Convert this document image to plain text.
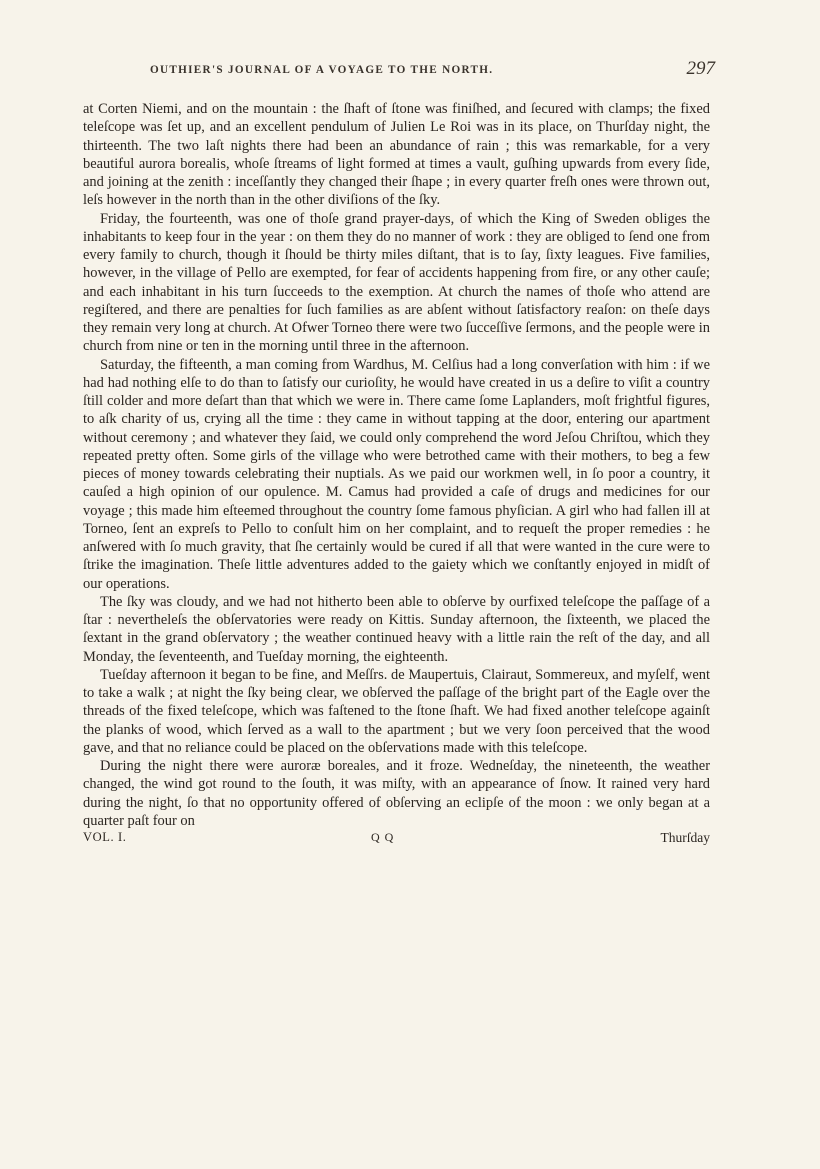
OUTHIER'S JOURNAL OF A VOYAGE TO THE NORTH.	297

at Corten Niemi, and on the mountain : the ſhaft of ſtone was finiſhed, and ſecured with clamps; the fixed teleſcope was ſet up, and an excellent pendulum of Julien Le Roi was in its place, on Thurſday night, the thirteenth. The two laſt nights there had been an abundance of rain ; this was remarkable, for a very beautiful aurora borealis, whoſe ſtreams of light formed at times a vault, guſhing upwards from every ſide, and joining at the zenith : inceſſantly they changed their ſhape ; in every quarter freſh ones were thrown out, leſs however in the north than in the other diviſions of the ſky.

Friday, the fourteenth, was one of thoſe grand prayer-days, of which the King of Sweden obliges the inhabitants to keep four in the year : on them they do no manner of work : they are obliged to ſend one from every family to church, though it ſhould be thirty miles diſtant, that is to ſay, ſixty leagues. Five families, however, in the village of Pello are exempted, for fear of accidents happening from fire, or any other cauſe; and each inhabitant in his turn ſucceeds to the exemption. At church the names of thoſe who attend are regiſtered, and there are penalties for ſuch families as are abſent without ſatisfactory reaſon: on theſe days they remain very long at church. At Ofwer Torneo there were two ſucceſſive ſermons, and the people were in church from nine or ten in the morning until three in the afternoon.

Saturday, the fifteenth, a man coming from Wardhus, M. Celſius had a long converſation with him : if we had had nothing elſe to do than to ſatisfy our curioſity, he would have created in us a deſire to viſit a country ſtill colder and more deſart than that which we were in. There came ſome Laplanders, moſt frightful figures, to aſk charity of us, crying all the time : they came in without tapping at the door, entering our apartment without ceremony ; and whatever they ſaid, we could only comprehend the word Jeſou Chriſtou, which they repeated pretty often. Some girls of the village who were betrothed came with their mothers, to beg a few pieces of money towards celebrating their nuptials. As we paid our workmen well, in ſo poor a country, it cauſed a high opinion of our opulence. M. Camus had provided a caſe of drugs and medicines for our voyage ; this made him eſteemed throughout the country ſome famous phyſician. A girl who had fallen ill at Torneo, ſent an expreſs to Pello to conſult him on her complaint, and to requeſt the proper remedies : he anſwered with ſo much gravity, that ſhe certainly would be cured if all that were wanted in the cure were to ſtrike the imagination. Theſe little adventures added to the gaiety which we conſtantly enjoyed in midſt of our operations.

The ſky was cloudy, and we had not hitherto been able to obſerve by ourfixed teleſcope the paſſage of a ſtar : nevertheleſs the obſervatories were ready on Kittis. Sunday afternoon, the ſixteenth, we placed the ſextant in the grand obſervatory ; the weather continued heavy with a little rain the reſt of the day, and all Monday, the ſeventeenth, and Tueſday morning, the eighteenth.

Tueſday afternoon it began to be fine, and Meſſrs. de Maupertuis, Clairaut, Sommereux, and myſelf, went to take a walk ; at night the ſky being clear, we obſerved the paſſage of the bright part of the Eagle over the threads of the fixed teleſcope, which was faſtened to the ſtone ſhaft. We had fixed another teleſcope againſt the planks of wood, which ſerved as a wall to the apartment ; but we very ſoon perceived that the wood gave, and that no reliance could be placed on the obſervations made with this teleſcope.

During the night there were auroræ boreales, and it froze. Wedneſday, the nineteenth, the weather changed, the wind got round to the ſouth, it was miſty, with an appearance of ſnow. It rained very hard during the night, ſo that no opportunity offered of obſerving an eclipſe of the moon : we only began at a quarter paſt four on

VOL. I.	Q Q	Thurſday
